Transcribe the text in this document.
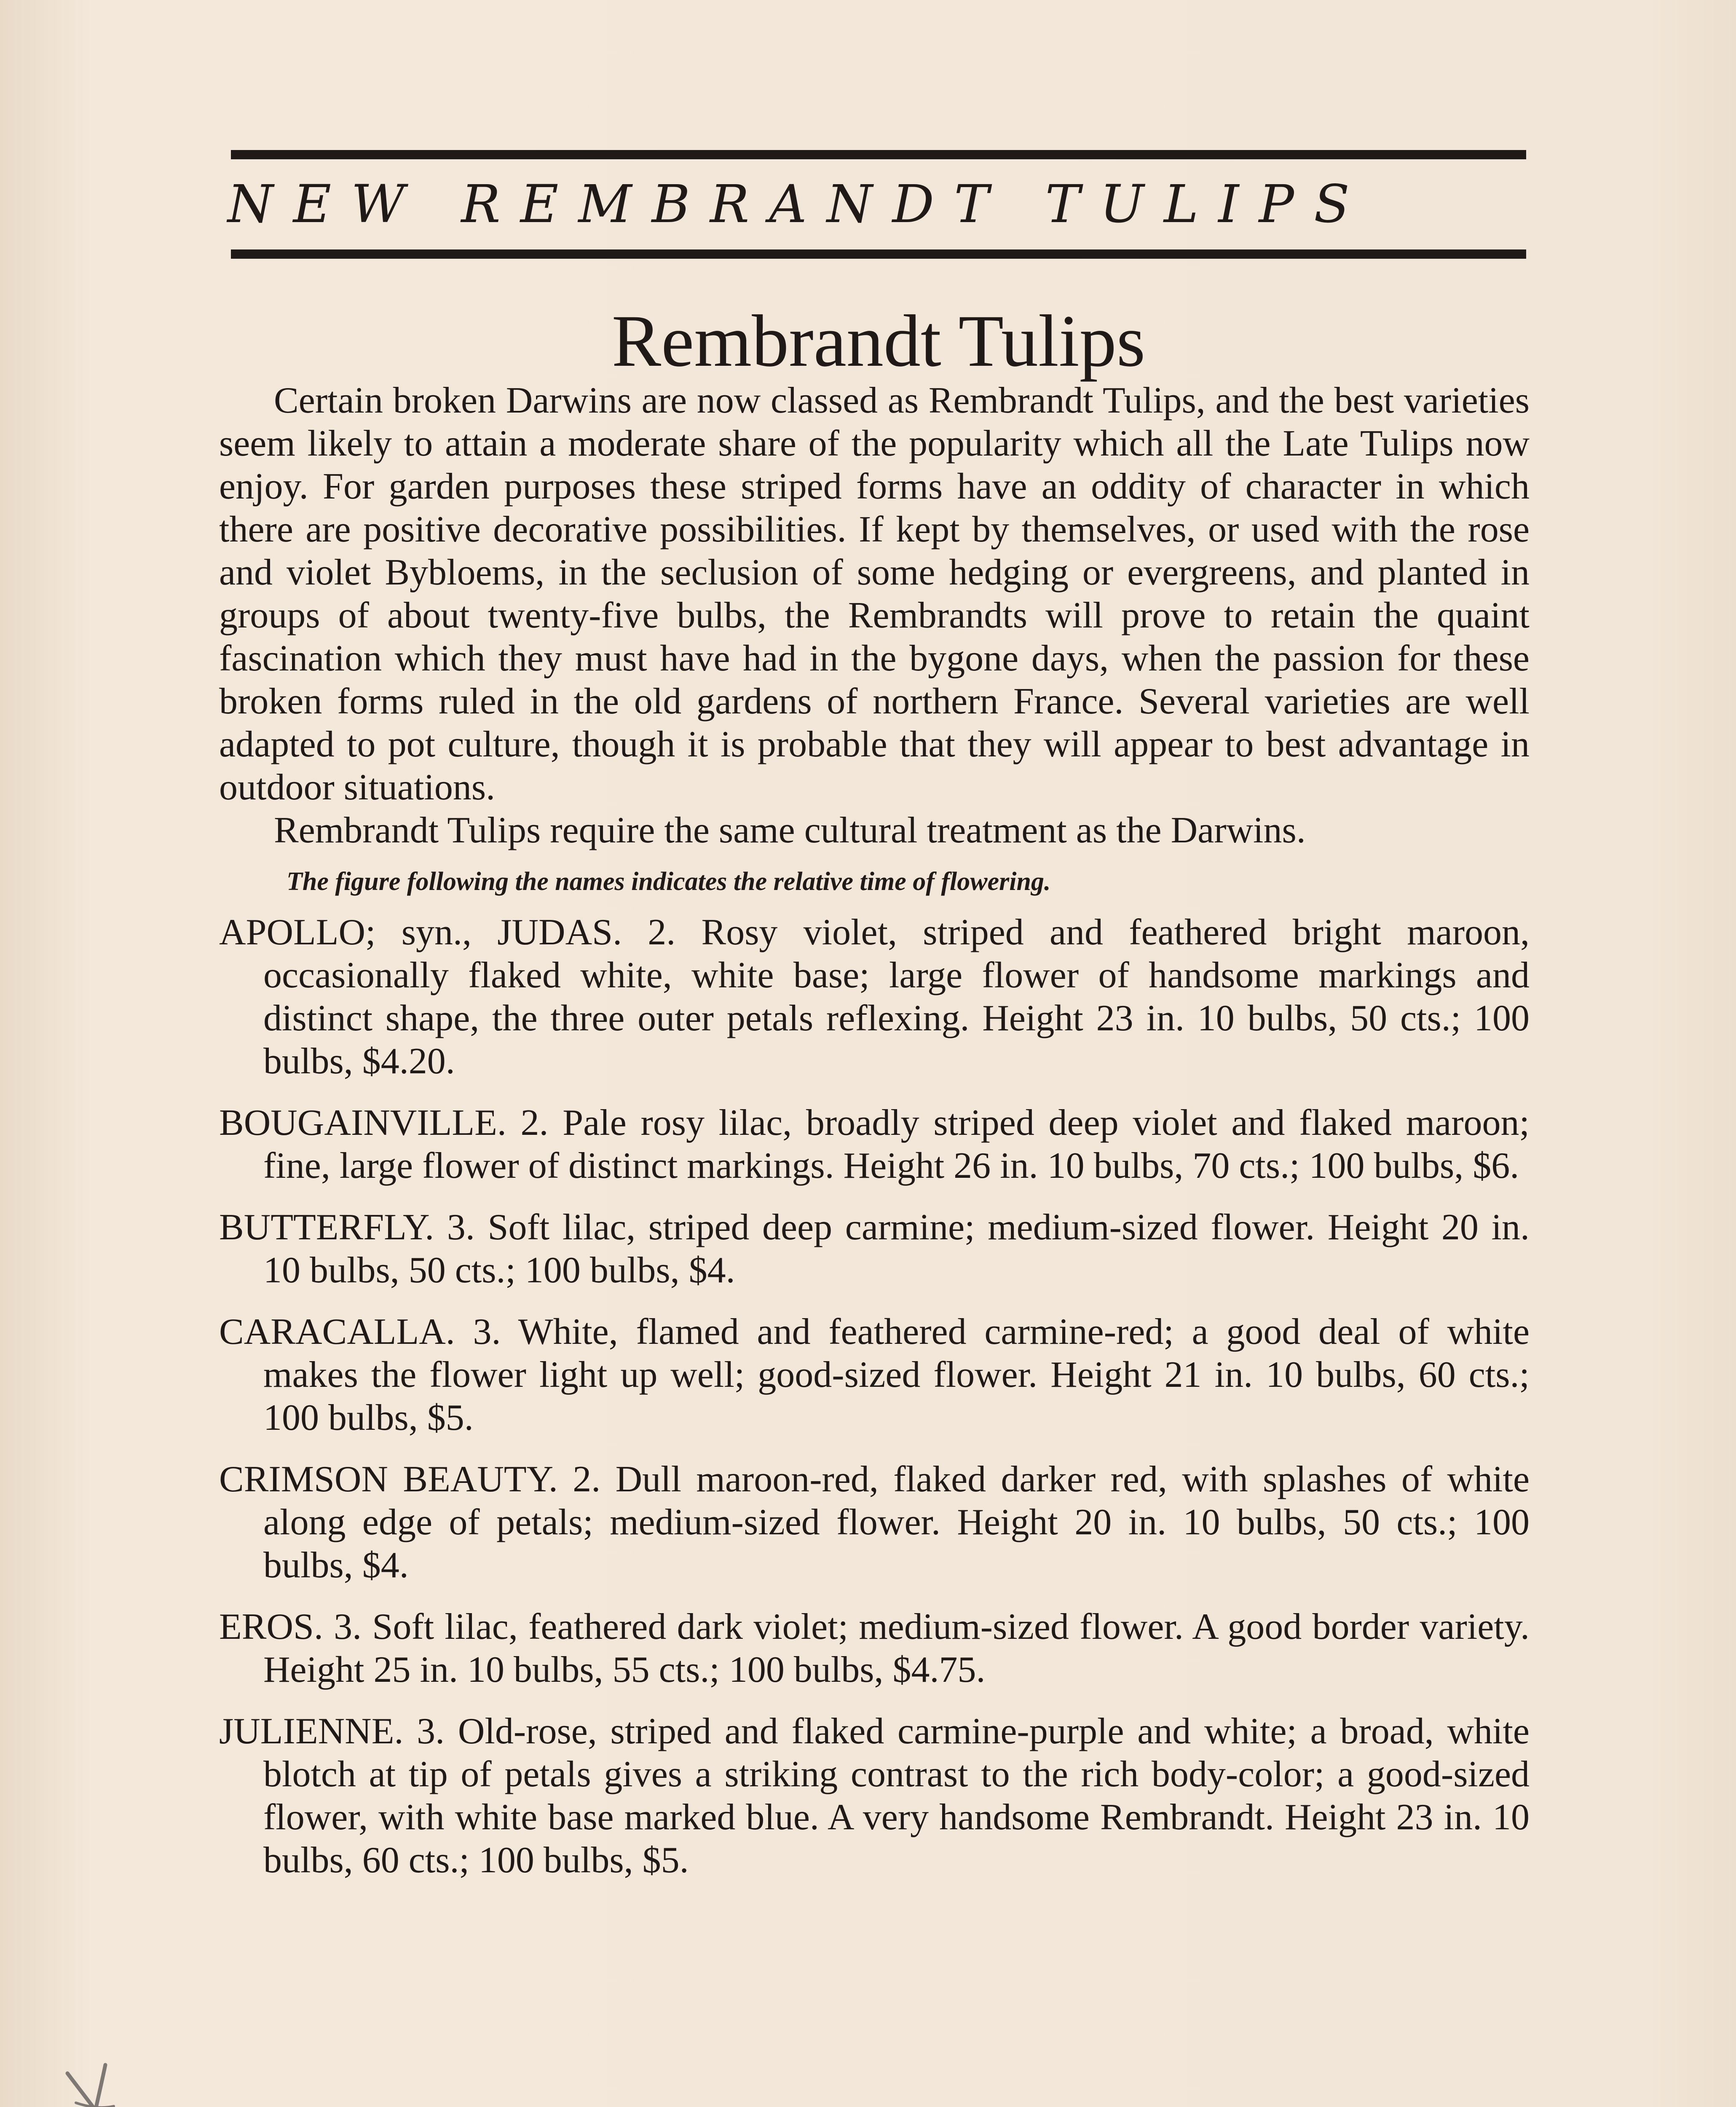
NEW REMBRANDT TULIPS
Rembrandt Tulips

Certain broken Darwins are now classed as Rembrandt Tulips, and the best varieties seem likely to attain a moderate share of the popularity which all the Late Tulips now enjoy. For garden purposes these striped forms have an oddity of character in which there are positive decorative possibilities. If kept by themselves, or used with the rose and violet Bybloems, in the seclusion of some hedging or evergreens, and planted in groups of about twenty-five bulbs, the Rembrandts will prove to retain the quaint fascination which they must have had in the bygone days, when the passion for these broken forms ruled in the old gardens of northern France. Several varieties are well adapted to pot culture, though it is probable that they will appear to best advantage in outdoor situations.

Rembrandt Tulips require the same cultural treatment as the Darwins.

The figure following the names indicates the relative time of flowering.

APOLLO; syn., JUDAS. 2. Rosy violet, striped and feathered bright maroon, occasionally flaked white, white base; large flower of handsome markings and distinct shape, the three outer petals reflexing. Height 23 in. 10 bulbs, 50 cts.; 100 bulbs, $4.20.

BOUGAINVILLE. 2. Pale rosy lilac, broadly striped deep violet and flaked maroon; fine, large flower of distinct markings. Height 26 in. 10 bulbs, 70 cts.; 100 bulbs, $6.

BUTTERFLY. 3. Soft lilac, striped deep carmine; medium-sized flower. Height 20 in. 10 bulbs, 50 cts.; 100 bulbs, $4.

CARACALLA. 3. White, flamed and feathered carmine-red; a good deal of white makes the flower light up well; good-sized flower. Height 21 in. 10 bulbs, 60 cts.; 100 bulbs, $5.

CRIMSON BEAUTY. 2. Dull maroon-red, flaked darker red, with splashes of white along edge of petals; medium-sized flower. Height 20 in. 10 bulbs, 50 cts.; 100 bulbs, $4.

EROS. 3. Soft lilac, feathered dark violet; medium-sized flower. A good border variety. Height 25 in. 10 bulbs, 55 cts.; 100 bulbs, $4.75.

JULIENNE. 3. Old-rose, striped and flaked carmine-purple and white; a broad, white blotch at tip of petals gives a striking contrast to the rich body-color; a good-sized flower, with white base marked blue. A very handsome Rembrandt. Height 23 in. 10 bulbs, 60 cts.; 100 bulbs, $5.
